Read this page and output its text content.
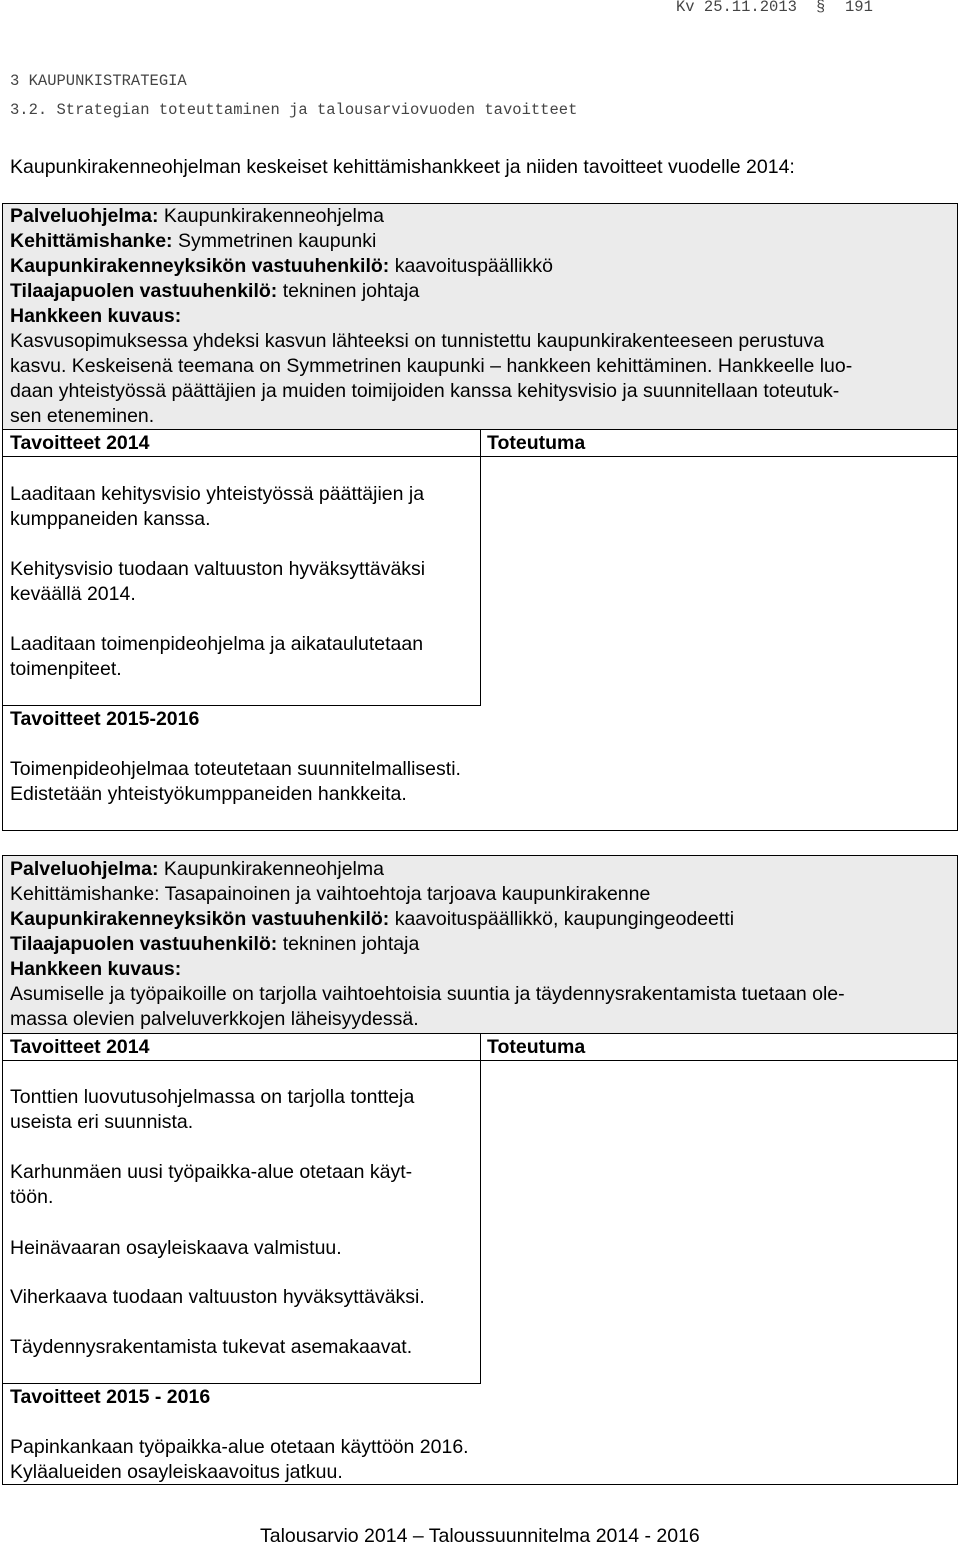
Kv 25.11.2013 § 191
3 KAUPUNKISTRATEGIA
3.2. Strategian toteuttaminen ja talousarviovuoden tavoitteet
Kaupunkirakenneohjelman keskeiset kehittämishankkeet ja niiden tavoitteet vuodelle 2014:
Palveluohjelma: Kaupunkirakenneohjelma
Kehittämishanke: Symmetrinen kaupunki
Kaupunkirakenneyksikön vastuuhenkilö: kaavoituspäällikkö
Tilaajapuolen vastuuhenkilö: tekninen johtaja
Hankkeen kuvaus:
Kasvusopimuksessa yhdeksi kasvun lähteeksi on tunnistettu kaupunkirakenteeseen perustuva
kasvu. Keskeisenä teemana on Symmetrinen kaupunki – hankkeen kehittäminen. Hankkeelle luo-
daan yhteistyössä päättäjien ja muiden toimijoiden kanssa kehitysvisio ja suunnitellaan toteutuk-
sen eteneminen.
Tavoitteet 2014	Toteutuma
Laaditaan kehitysvisio yhteistyössä päättäjien ja
kumppaneiden kanssa.
Kehitysvisio tuodaan valtuuston hyväksyttäväksi
keväällä 2014.
Laaditaan toimenpideohjelma ja aikataulutetaan
toimenpiteet.
Tavoitteet 2015-2016
Toimenpideohjelmaa toteutetaan suunnitelmallisesti.
Edistetään yhteistyökumppaneiden hankkeita.
Palveluohjelma: Kaupunkirakenneohjelma
Kehittämishanke: Tasapainoinen ja vaihtoehtoja tarjoava kaupunkirakenne
Kaupunkirakenneyksikön vastuuhenkilö: kaavoituspäällikkö, kaupungingeodeetti
Tilaajapuolen vastuuhenkilö: tekninen johtaja
Hankkeen kuvaus:
Asumiselle ja työpaikoille on tarjolla vaihtoehtoisia suuntia ja täydennysrakentamista tuetaan ole-
massa olevien palveluverkkojen läheisyydessä.
Tavoitteet 2014	Toteutuma
Tonttien luovutusohjelmassa on tarjolla tontteja
useista eri suunnista.
Karhunmäen uusi työpaikka-alue otetaan käyt-
töön.
Heinävaaran osayleiskaava valmistuu.
Viherkaava tuodaan valtuuston hyväksyttäväksi.
Täydennysrakentamista tukevat asemakaavat.
Tavoitteet 2015 - 2016
Papinkankaan työpaikka-alue otetaan käyttöön 2016.
Kyläalueiden osayleiskaavoitus jatkuu.
Talousarvio 2014 – Taloussuunnitelma 2014 - 2016
